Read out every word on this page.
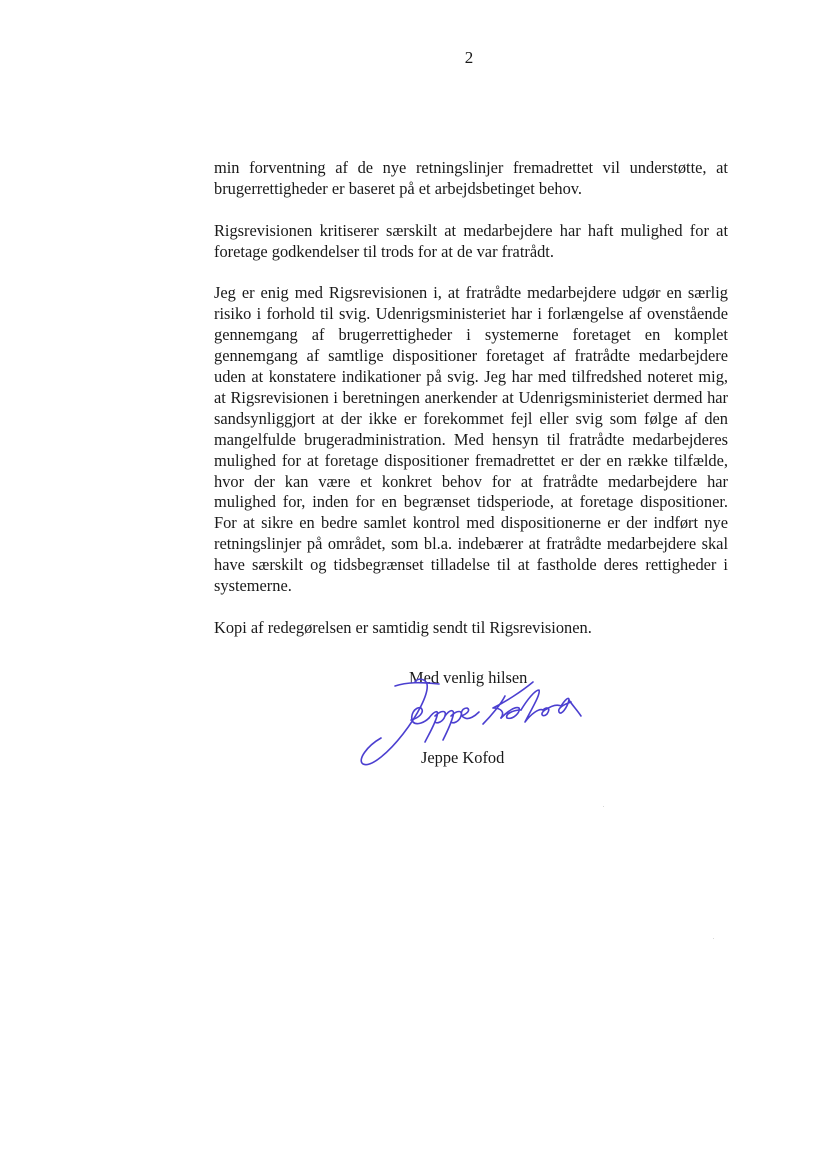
2

min forventning af de nye retningslinjer fremadrettet vil understøtte, at brugerrettigheder er baseret på et arbejdsbetinget behov.

Rigsrevisionen kritiserer særskilt at medarbejdere har haft mulighed for at foretage godkendelser til trods for at de var fratrådt.

Jeg er enig med Rigsrevisionen i, at fratrådte medarbejdere udgør en særlig risiko i forhold til svig. Udenrigsministeriet har i forlængelse af ovenstående gennemgang af brugerrettigheder i systemerne foretaget en komplet gennemgang af samtlige dispositioner foretaget af fratrådte medarbejdere uden at konstatere indikationer på svig. Jeg har med tilfredshed noteret mig, at Rigsrevisionen i beretningen anerkender at Udenrigsministeriet dermed har sandsynliggjort at der ikke er forekommet fejl eller svig som følge af den mangelfulde brugeradministration. Med hensyn til fratrådte medarbejderes mulighed for at foretage dispositioner fremadrettet er der en række tilfælde, hvor der kan være et konkret behov for at fratrådte medarbejdere har mulighed for, inden for en begrænset tidsperiode, at foretage dispositioner. For at sikre en bedre samlet kontrol med dispositionerne er der indført nye retningslinjer på området, som bl.a. indebærer at fratrådte medarbejdere skal have særskilt og tidsbegrænset tilladelse til at fastholde deres rettigheder i systemerne.

Kopi af redegørelsen er samtidig sendt til Rigsrevisionen.

Med venlig hilsen
Jeppe Kofod
